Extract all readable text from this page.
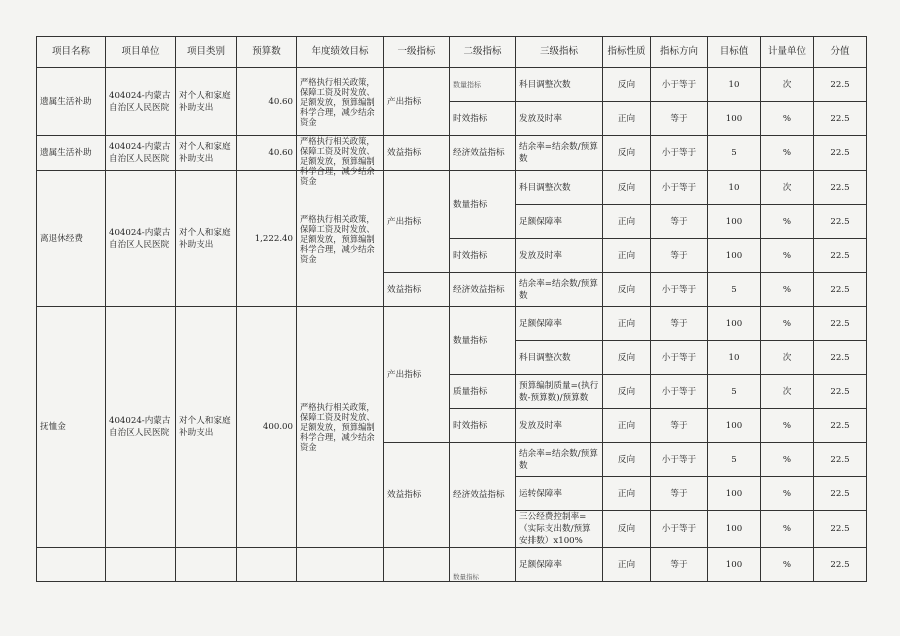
项目名称	项目单位	项目类别	预算数	年度绩效目标	一级指标	二级指标	三级指标	指标性质	指标方向	目标值	计量单位	分值
遗属生活补助	404024-内蒙古自治区人民医院	对个人和家庭补助支出	40.60	严格执行相关政策，保障工资及时发放、足额发放，预算编制科学合理，减少结余资金	产出指标	数量指标	科目调整次数	反向	小于等于	10	次	22.5
						时效指标	发放及时率	正向	等于	100	%	22.5
遗属生活补助	404024-内蒙古自治区人民医院	对个人和家庭补助支出	40.60	严格执行相关政策，保障工资及时发放、足额发放，预算编制科学合理，减少结余资金	效益指标	经济效益指标	结余率=结余数/预算数	反向	小于等于	5	%	22.5
离退休经费	404024-内蒙古自治区人民医院	对个人和家庭补助支出	1,222.40	严格执行相关政策，保障工资及时发放、足额发放，预算编制科学合理，减少结余资金	产出指标	数量指标	科目调整次数	反向	小于等于	10	次	22.5
							足额保障率	正向	等于	100	%	22.5
						时效指标	发放及时率	正向	等于	100	%	22.5
					效益指标	经济效益指标	结余率=结余数/预算数	反向	小于等于	5	%	22.5
抚恤金	404024-内蒙古自治区人民医院	对个人和家庭补助支出	400.00	严格执行相关政策，保障工资及时发放、足额发放，预算编制科学合理，减少结余资金	产出指标	数量指标	足额保障率	正向	等于	100	%	22.5
							科目调整次数	反向	小于等于	10	次	22.5
						质量指标	预算编制质量=(执行数-预算数)/预算数	反向	小于等于	5	次	22.5
						时效指标	发放及时率	正向	等于	100	%	22.5
					效益指标	经济效益指标	结余率=结余数/预算数	反向	小于等于	5	%	22.5
							运转保障率	正向	等于	100	%	22.5
							三公经费控制率=（实际支出数/预算安排数）x100%	反向	小于等于	100	%	22.5
						数量指标	足额保障率	正向	等于	100	%	22.5
